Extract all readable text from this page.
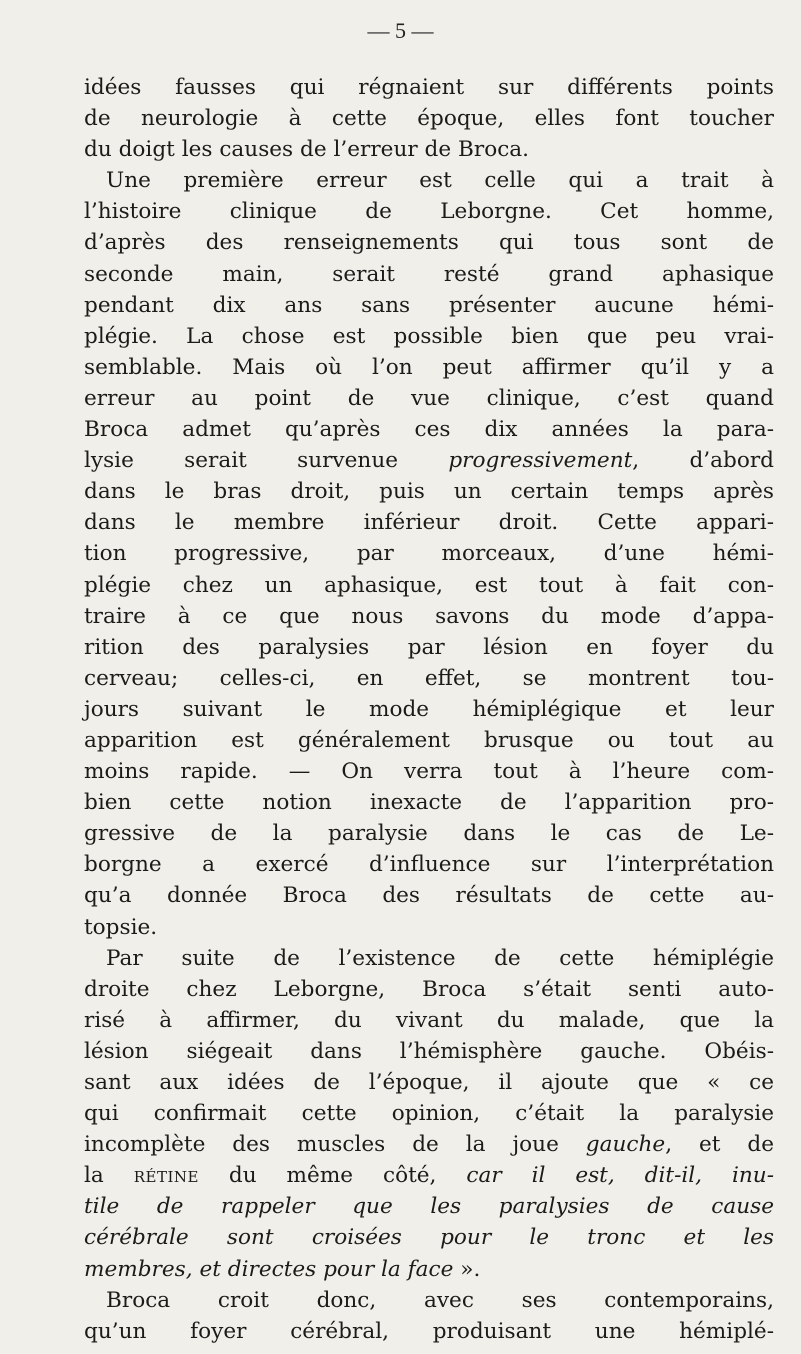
— 5 —
idées fausses qui régnaient sur différents points
de neurologie à cette époque, elles font toucher
du doigt les causes de l’erreur de Broca.
Une première erreur est celle qui a trait à
l’histoire clinique de Leborgne. Cet homme,
d’après des renseignements qui tous sont de
seconde main, serait resté grand aphasique
pendant dix ans sans présenter aucune hémi-
plégie. La chose est possible bien que peu vrai-
semblable. Mais où l’on peut affirmer qu’il y a
erreur au point de vue clinique, c’est quand
Broca admet qu’après ces dix années la para-
lysie serait survenue progressivement, d’abord
dans le bras droit, puis un certain temps après
dans le membre inférieur droit. Cette appari-
tion progressive, par morceaux, d’une hémi-
plégie chez un aphasique, est tout à fait con-
traire à ce que nous savons du mode d’appa-
rition des paralysies par lésion en foyer du
cerveau; celles-ci, en effet, se montrent tou-
jours suivant le mode hémiplégique et leur
apparition est généralement brusque ou tout au
moins rapide. — On verra tout à l’heure com-
bien cette notion inexacte de l’apparition pro-
gressive de la paralysie dans le cas de Le-
borgne a exercé d’influence sur l’interprétation
qu’a donnée Broca des résultats de cette au-
topsie.
Par suite de l’existence de cette hémiplégie
droite chez Leborgne, Broca s’était senti auto-
risé à affirmer, du vivant du malade, que la
lésion siégeait dans l’hémisphère gauche. Obéis-
sant aux idées de l’époque, il ajoute que « ce
qui confirmait cette opinion, c’était la paralysie
incomplète des muscles de la joue gauche, et de
la rétine du même côté, car il est, dit-il, inu-
tile de rappeler que les paralysies de cause
cérébrale sont croisées pour le tronc et les
membres, et directes pour la face ».
Broca croit donc, avec ses contemporains,
qu’un foyer cérébral, produisant une hémiplé-
